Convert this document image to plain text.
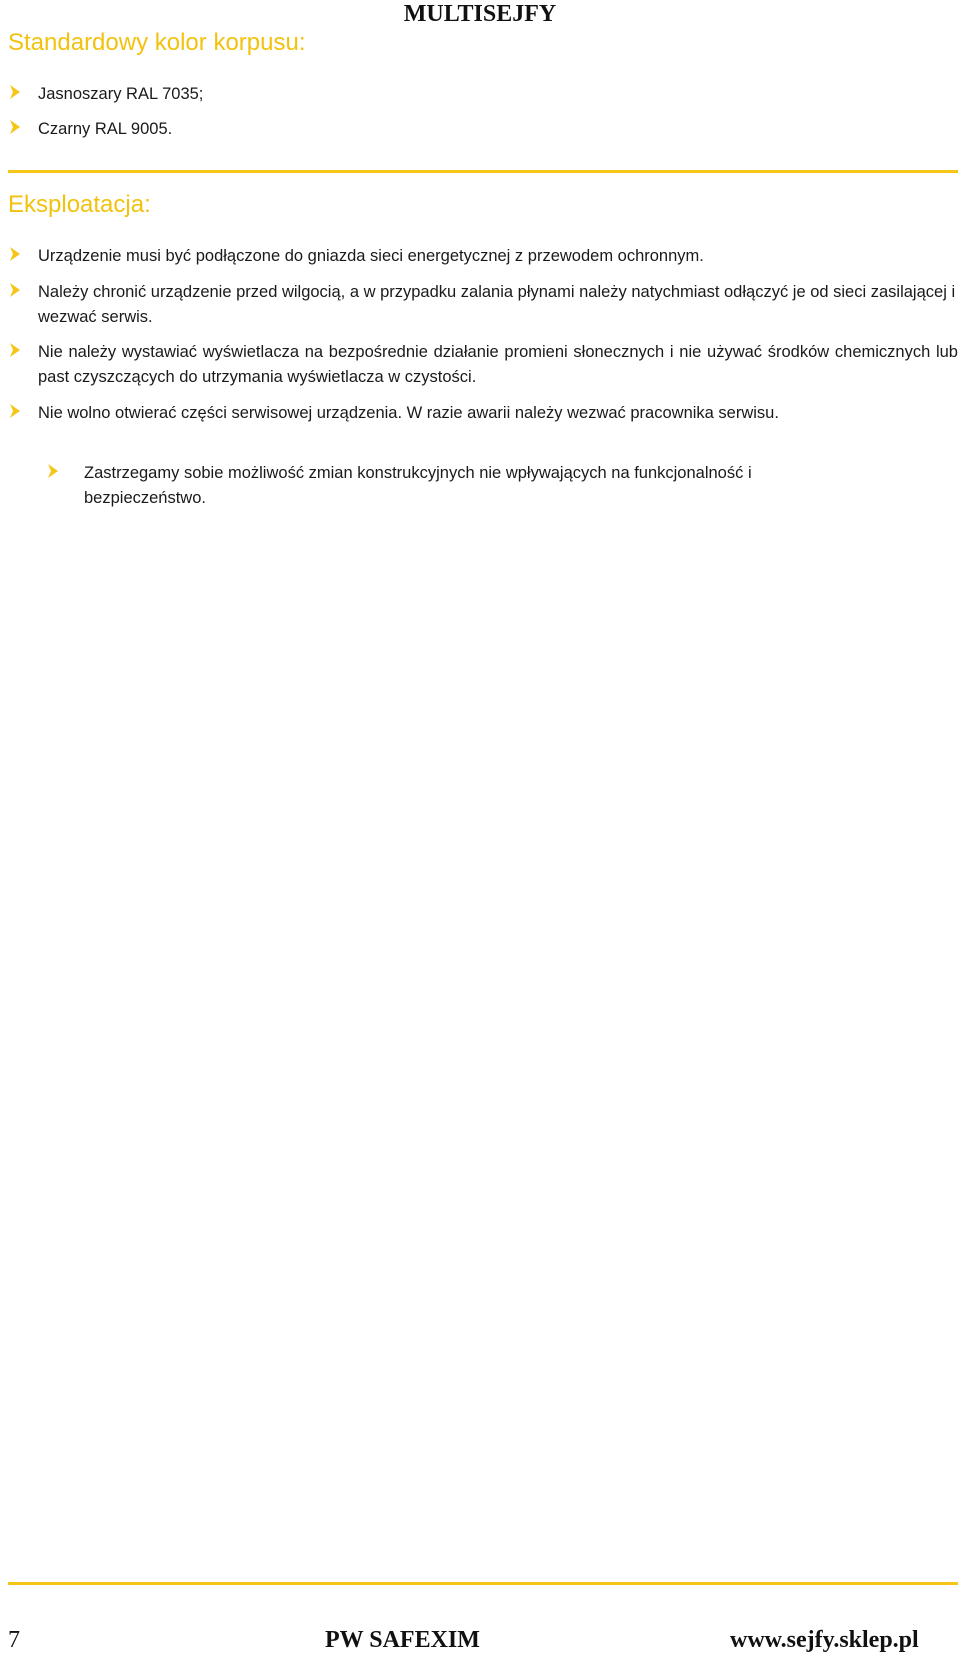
MULTISEJFY
Standardowy kolor korpusu:
Jasnoszary RAL 7035;
Czarny RAL 9005.
Eksploatacja:
Urządzenie musi być podłączone do gniazda sieci energetycznej z przewodem ochronnym.
Należy chronić urządzenie przed wilgocią, a w przypadku zalania płynami należy natychmiast odłączyć je od sieci zasilającej i wezwać serwis.
Nie należy wystawiać wyświetlacza na bezpośrednie działanie promieni słonecznych i nie używać środków chemicznych lub past czyszczących do utrzymania wyświetlacza w czystości.
Nie wolno otwierać części serwisowej urządzenia. W razie awarii należy wezwać pracownika serwisu.
Zastrzegamy sobie możliwość zmian konstrukcyjnych nie wpływających na funkcjonalność i bezpieczeństwo.
7	PW SAFEXIM	www.sejfy.sklep.pl
